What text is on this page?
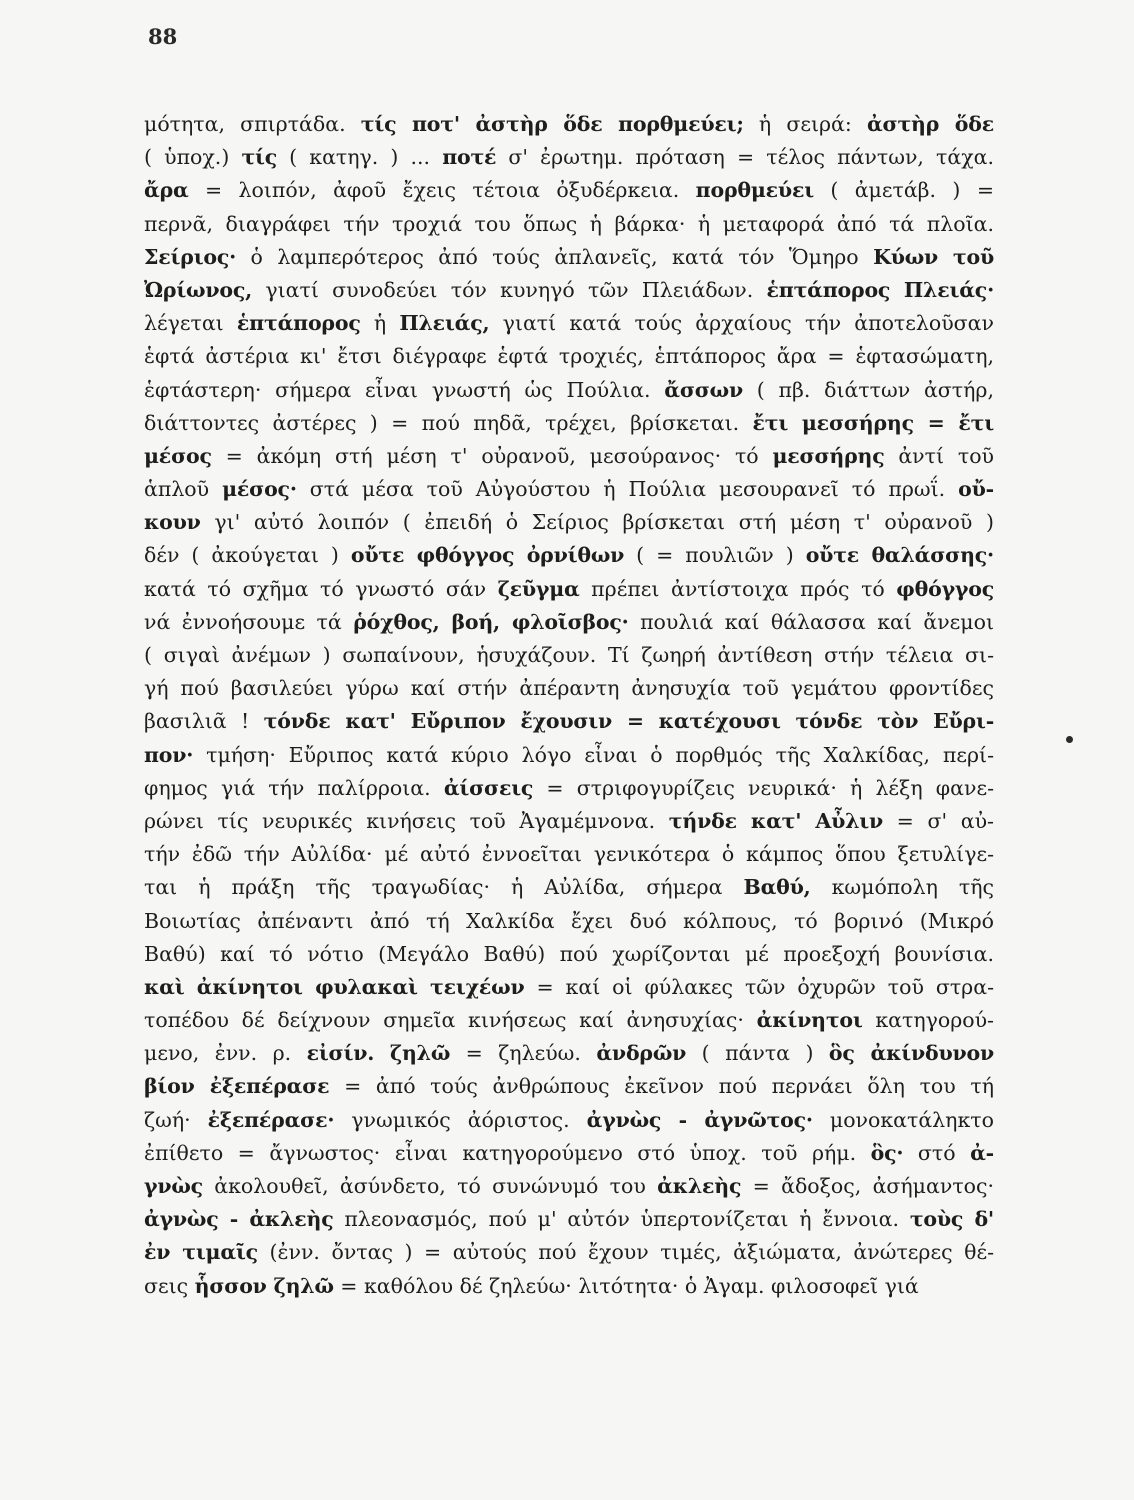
88
μότητα, σπιρτάδα. τίς ποτ' ἀστὴρ ὅδε πορθμεύει; ἡ σειρά: ἀστὴρ ὅδε
( ὑποχ.) τίς ( κατηγ. ) ... ποτέ σ' ἐρωτημ. πρόταση = τέλος πάντων, τάχα.
ἄρα = λοιπόν, ἀφοῦ ἔχεις τέτοια ὀξυδέρκεια. πορθμεύει ( ἀμετάβ. ) =
περνᾶ, διαγράφει τήν τροχιά του ὅπως ἡ βάρκα· ἡ μεταφορά ἀπό τά πλοῖα.
Σείριος· ὁ λαμπερότερος ἀπό τούς ἀπλανεῖς, κατά τόν Ὅμηρο Κύων τοῦ
Ὠρίωνος, γιατί συνοδεύει τόν κυνηγό τῶν Πλειάδων. ἑπτάπορος Πλειάς·
λέγεται ἑπτάπορος ἡ Πλειάς, γιατί κατά τούς ἀρχαίους τήν ἀποτελοῦσαν
ἑφτά ἀστέρια κι' ἔτσι διέγραφε ἑφτά τροχιές, ἑπτάπορος ἄρα = ἑφτασώματη,
ἑφτάστερη· σήμερα εἶναι γνωστή ὡς Πούλια. ἄσσων ( πβ. διάττων ἀστήρ,
διάττοντες ἀστέρες ) = πού πηδᾶ, τρέχει, βρίσκεται. ἔτι μεσσήρης = ἔτι
μέσος = ἀκόμη στή μέση τ' οὐρανοῦ, μεσούρανος· τό μεσσήρης ἀντί τοῦ
ἁπλοῦ μέσος· στά μέσα τοῦ Αὐγούστου ἡ Πούλια μεσουρανεῖ τό πρωΐ. οὔ-
κουν γι' αὐτό λοιπόν ( ἐπειδή ὁ Σείριος βρίσκεται στή μέση τ' οὐρανοῦ )
δέν ( ἀκούγεται ) οὔτε φθόγγος ὀρνίθων ( = πουλιῶν ) οὔτε θαλάσσης·
κατά τό σχῆμα τό γνωστό σάν ζεῦγμα πρέπει ἀντίστοιχα πρός τό φθόγγος
νά ἐννοήσουμε τά ῥόχθος, βοή, φλοῖσβος· πουλιά καί θάλασσα καί ἄνεμοι
( σιγαὶ ἀνέμων ) σωπαίνουν, ἡσυχάζουν. Τί ζωηρή ἀντίθεση στήν τέλεια σι-
γή πού βασιλεύει γύρω καί στήν ἀπέραντη ἀνησυχία τοῦ γεμάτου φροντίδες
βασιλιᾶ ! τόνδε κατ' Εὔριπον ἔχουσιν = κατέχουσι τόνδε τὸν Εὔρι-
πον· τμήση· Εὔριπος κατά κύριο λόγο εἶναι ὁ πορθμός τῆς Χαλκίδας, περί-
φημος γιά τήν παλίρροια. ἀίσσεις = στριφογυρίζεις νευρικά· ἡ λέξη φανε-
ρώνει τίς νευρικές κινήσεις τοῦ Ἀγαμέμνονα. τήνδε κατ' Αὖλιν = σ' αὐ-
τήν ἐδῶ τήν Αὐλίδα· μέ αὐτό ἐννοεῖται γενικότερα ὁ κάμπος ὅπου ξετυλίγε-
ται ἡ πράξη τῆς τραγωδίας· ἡ Αὐλίδα, σήμερα Βαθύ, κωμόπολη τῆς
Βοιωτίας ἀπέναντι ἀπό τή Χαλκίδα ἔχει δυό κόλπους, τό βορινό (Μικρό
Βαθύ) καί τό νότιο (Μεγάλο Βαθύ) πού χωρίζονται μέ προεξοχή βουνίσια.
καὶ ἀκίνητοι φυλακαὶ τειχέων = καί οἱ φύλακες τῶν ὀχυρῶν τοῦ στρα-
τοπέδου δέ δείχνουν σημεῖα κινήσεως καί ἀνησυχίας· ἀκίνητοι κατηγορού-
μενο, ἐνν. ρ. εἰσίν. ζηλῶ = ζηλεύω. ἀνδρῶν ( πάντα ) ὃς ἀκίνδυνον
βίον ἐξεπέρασε = ἀπό τούς ἀνθρώπους ἐκεῖνον πού περνάει ὅλη του τή
ζωή· ἐξεπέρασε· γνωμικός ἀόριστος. ἀγνὼς - ἀγνῶτος· μονοκατάληκτο
ἐπίθετο = ἄγνωστος· εἶναι κατηγορούμενο στό ὑποχ. τοῦ ρήμ. ὃς· στό ἀ-
γνὼς ἀκολουθεῖ, ἀσύνδετο, τό συνώνυμό του ἀκλεὴς = ἄδοξος, ἀσήμαντος·
ἀγνὼς - ἀκλεὴς πλεονασμός, πού μ' αὐτόν ὑπερτονίζεται ἡ ἔννοια. τοὺς δ'
ἐν τιμαῖς (ἐνν. ὄντας ) = αὐτούς πού ἔχουν τιμές, ἀξιώματα, ἀνώτερες θέ-
σεις ἧσσον ζηλῶ = καθόλου δέ ζηλεύω· λιτότητα· ὁ Ἀγαμ. φιλοσοφεῖ γιά
